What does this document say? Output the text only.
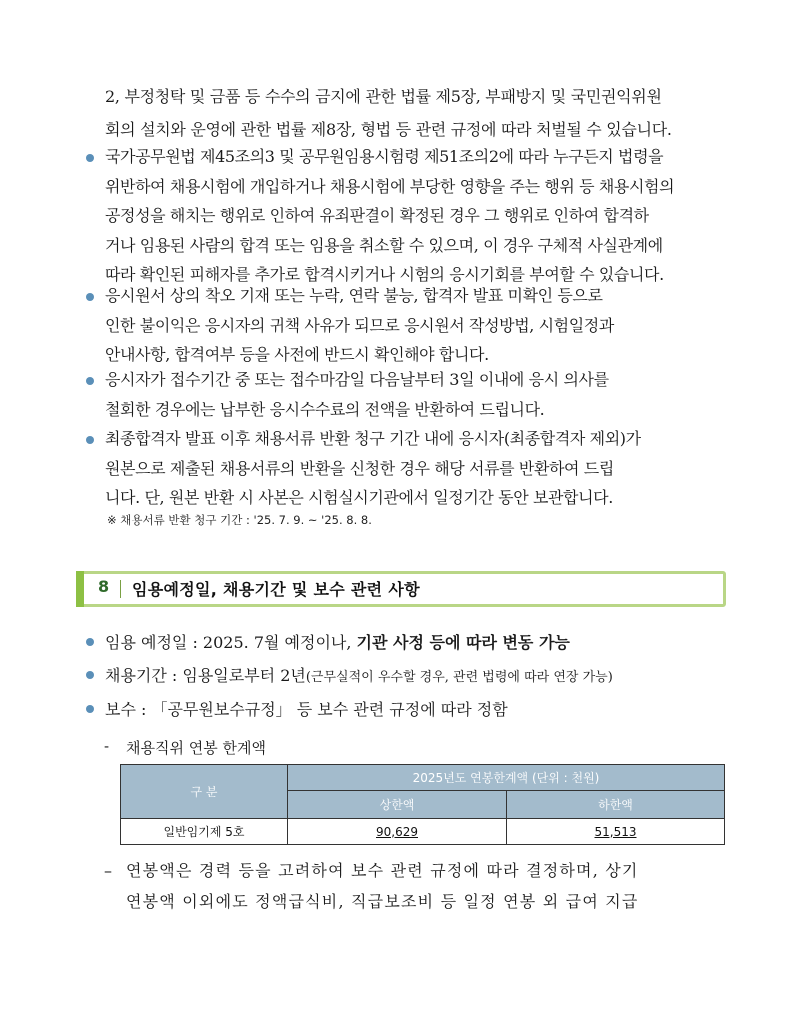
2, 부정청탁 및 금품 등 수수의 금지에 관한 법률 제5장, 부패방지 및 국민권익위원
회의 설치와 운영에 관한 법률 제8장, 형법 등 관련 규정에 따라 처벌될 수 있습니다.
국가공무원법 제45조의3 및 공무원임용시험령 제51조의2에 따라 누구든지 법령을
위반하여 채용시험에 개입하거나 채용시험에 부당한 영향을 주는 행위 등 채용시험의
공정성을 해치는 행위로 인하여 유죄판결이 확정된 경우 그 행위로 인하여 합격하
거나 임용된 사람의 합격 또는 임용을 취소할 수 있으며, 이 경우 구체적 사실관계에
따라 확인된 피해자를 추가로 합격시키거나 시험의 응시기회를 부여할 수 있습니다.
응시원서 상의 착오 기재 또는 누락, 연락 불능, 합격자 발표 미확인 등으로
인한 불이익은 응시자의 귀책 사유가 되므로 응시원서 작성방법, 시험일정과
안내사항, 합격여부 등을 사전에 반드시 확인해야 합니다.
응시자가 접수기간 중 또는 접수마감일 다음날부터 3일 이내에 응시 의사를
철회한 경우에는 납부한 응시수수료의 전액을 반환하여 드립니다.
최종합격자 발표 이후 채용서류 반환 청구 기간 내에 응시자(최종합격자 제외)가
원본으로 제출된 채용서류의 반환을 신청한 경우 해당 서류를 반환하여 드립
니다. 단, 원본 반환 시 사본은 시험실시기관에서 일정기간 동안 보관합니다.
※ 채용서류 반환 청구 기간 : '25. 7. 9. ~ '25. 8. 8.
8 임용예정일, 채용기간 및 보수 관련 사항
임용 예정일 : 2025. 7월 예정이나, 기관 사정 등에 따라 변동 가능
채용기간 : 임용일로부터 2년(근무실적이 우수할 경우, 관련 법령에 따라 연장 가능)
보수 : 「공무원보수규정」 등 보수 관련 규정에 따라 정함
- 채용직위 연봉 한계액
구 분	2025년도 연봉한계액 (단위 : 천원)	
	상한액	하한액
일반임기제 5호	90,629	51,513
– 연봉액은 경력 등을 고려하여 보수 관련 규정에 따라 결정하며, 상기
연봉액 이외에도 정액급식비, 직급보조비 등 일정 연봉 외 급여 지급
